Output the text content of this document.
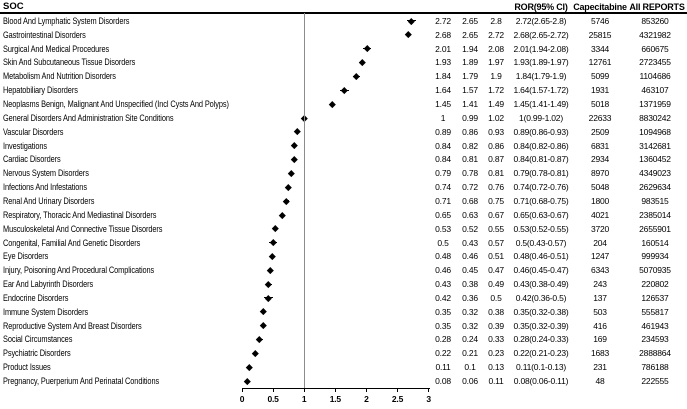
SOC	ROR(95% CI) Capecitabine All REPORTS
Blood And Lymphatic System Disorders	2.72	2.65	2.8	2.72(2.65-2.8)	5746	853260
Gastrointestinal Disorders	2.68	2.65	2.72	2.68(2.65-2.72)	25815	4321982
Surgical And Medical Procedures	2.01	1.94	2.08	2.01(1.94-2.08)	3344	660675
Skin And Subcutaneous Tissue Disorders	1.93	1.89	1.97	1.93(1.89-1.97)	12761	2723455
Metabolism And Nutrition Disorders	1.84	1.79	1.9	1.84(1.79-1.9)	5099	1104686
Hepatobiliary Disorders	1.64	1.57	1.72	1.64(1.57-1.72)	1931	463107
Neoplasms Benign, Malignant And Unspecified (Incl Cysts And Polyps)	1.45	1.41	1.49	1.45(1.41-1.49)	5018	1371959
General Disorders And Administration Site Conditions	1	0.99	1.02	1(0.99-1.02)	22633	8830242
Vascular Disorders	0.89	0.86	0.93	0.89(0.86-0.93)	2509	1094968
Investigations	0.84	0.82	0.86	0.84(0.82-0.86)	6831	3142681
Cardiac Disorders	0.84	0.81	0.87	0.84(0.81-0.87)	2934	1360452
Nervous System Disorders	0.79	0.78	0.81	0.79(0.78-0.81)	8970	4349023
Infections And Infestations	0.74	0.72	0.76	0.74(0.72-0.76)	5048	2629634
Renal And Urinary Disorders	0.71	0.68	0.75	0.71(0.68-0.75)	1800	983515
Respiratory, Thoracic And Mediastinal Disorders	0.65	0.63	0.67	0.65(0.63-0.67)	4021	2385014
Musculoskeletal And Connective Tissue Disorders	0.53	0.52	0.55	0.53(0.52-0.55)	3720	2655901
Congenital, Familial And Genetic Disorders	0.5	0.43	0.57	0.5(0.43-0.57)	204	160514
Eye Disorders	0.48	0.46	0.51	0.48(0.46-0.51)	1247	999934
Injury, Poisoning And Procedural Complications	0.46	0.45	0.47	0.46(0.45-0.47)	6343	5070935
Ear And Labyrinth Disorders	0.43	0.38	0.49	0.43(0.38-0.49)	243	220802
Endocrine Disorders	0.42	0.36	0.5	0.42(0.36-0.5)	137	126537
Immune System Disorders	0.35	0.32	0.38	0.35(0.32-0.38)	503	555817
Reproductive System And Breast Disorders	0.35	0.32	0.39	0.35(0.32-0.39)	416	461943
Social Circumstances	0.28	0.24	0.33	0.28(0.24-0.33)	169	234593
Psychiatric Disorders	0.22	0.21	0.23	0.22(0.21-0.23)	1683	2888864
Product Issues	0.11	0.1	0.13	0.11(0.1-0.13)	231	786188
Pregnancy, Puerperium And Perinatal Conditions	0.08	0.06	0.11	0.08(0.06-0.11)	48	222555
0	0.5	1	1.5	2	2.5	3
